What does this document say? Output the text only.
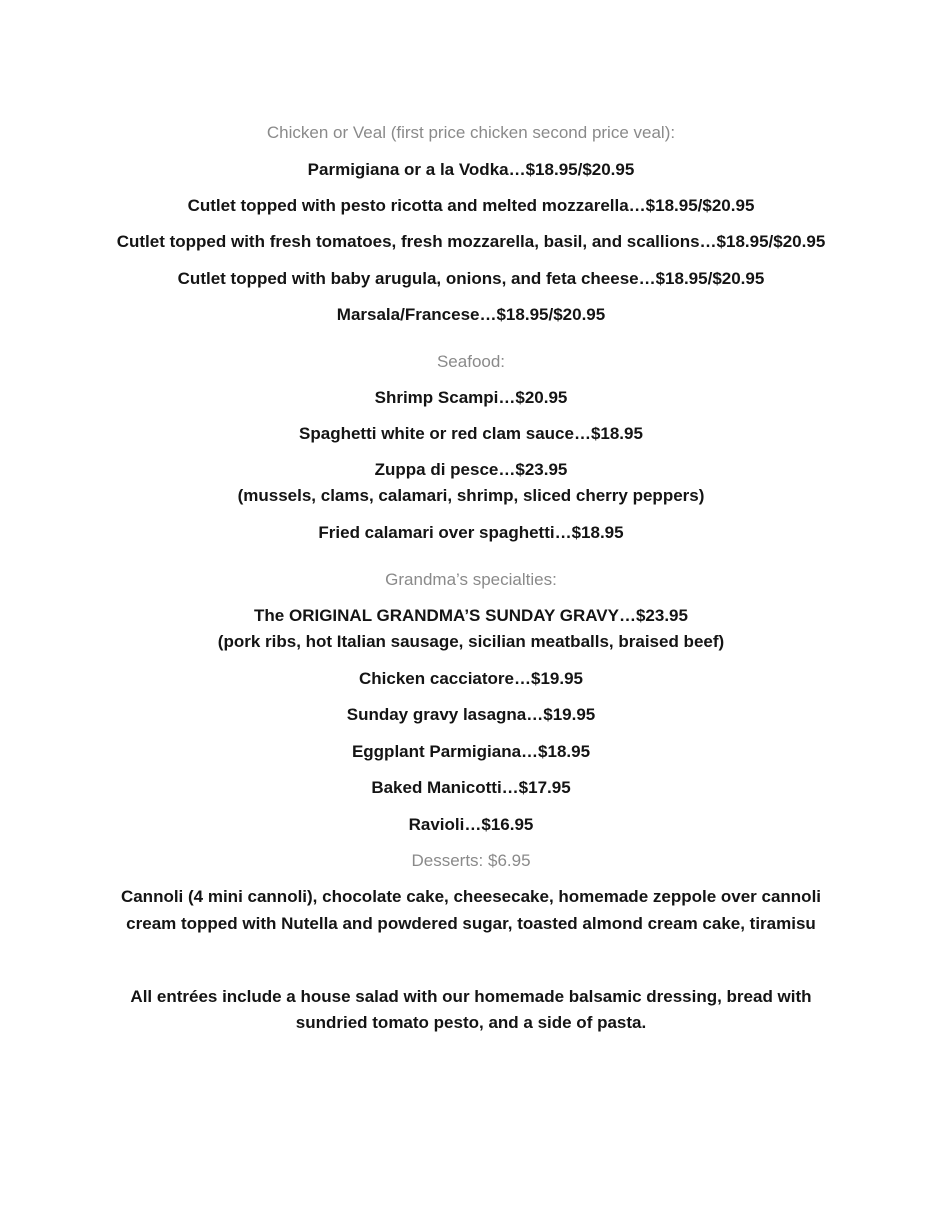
Chicken or Veal (first price chicken second price veal):
Parmigiana or a la Vodka…$18.95/$20.95
Cutlet topped with pesto ricotta and melted mozzarella…$18.95/$20.95
Cutlet topped with fresh tomatoes, fresh mozzarella, basil, and scallions…$18.95/$20.95
Cutlet topped with baby arugula, onions, and feta cheese…$18.95/$20.95
Marsala/Francese…$18.95/$20.95
Seafood:
Shrimp Scampi…$20.95
Spaghetti white or red clam sauce…$18.95
Zuppa di pesce…$23.95
(mussels, clams, calamari, shrimp, sliced cherry peppers)
Fried calamari over spaghetti…$18.95
Grandma’s specialties:
The ORIGINAL GRANDMA’S SUNDAY GRAVY…$23.95
(pork ribs, hot Italian sausage, sicilian meatballs, braised beef)
Chicken cacciatore…$19.95
Sunday gravy lasagna…$19.95
Eggplant Parmigiana…$18.95
Baked Manicotti…$17.95
Ravioli…$16.95
Desserts: $6.95
Cannoli (4 mini cannoli), chocolate cake, cheesecake, homemade zeppole over cannoli
cream topped with Nutella and powdered sugar, toasted almond cream cake, tiramisu
All entrées include a house salad with our homemade balsamic dressing, bread with
sundried tomato pesto, and a side of pasta.
